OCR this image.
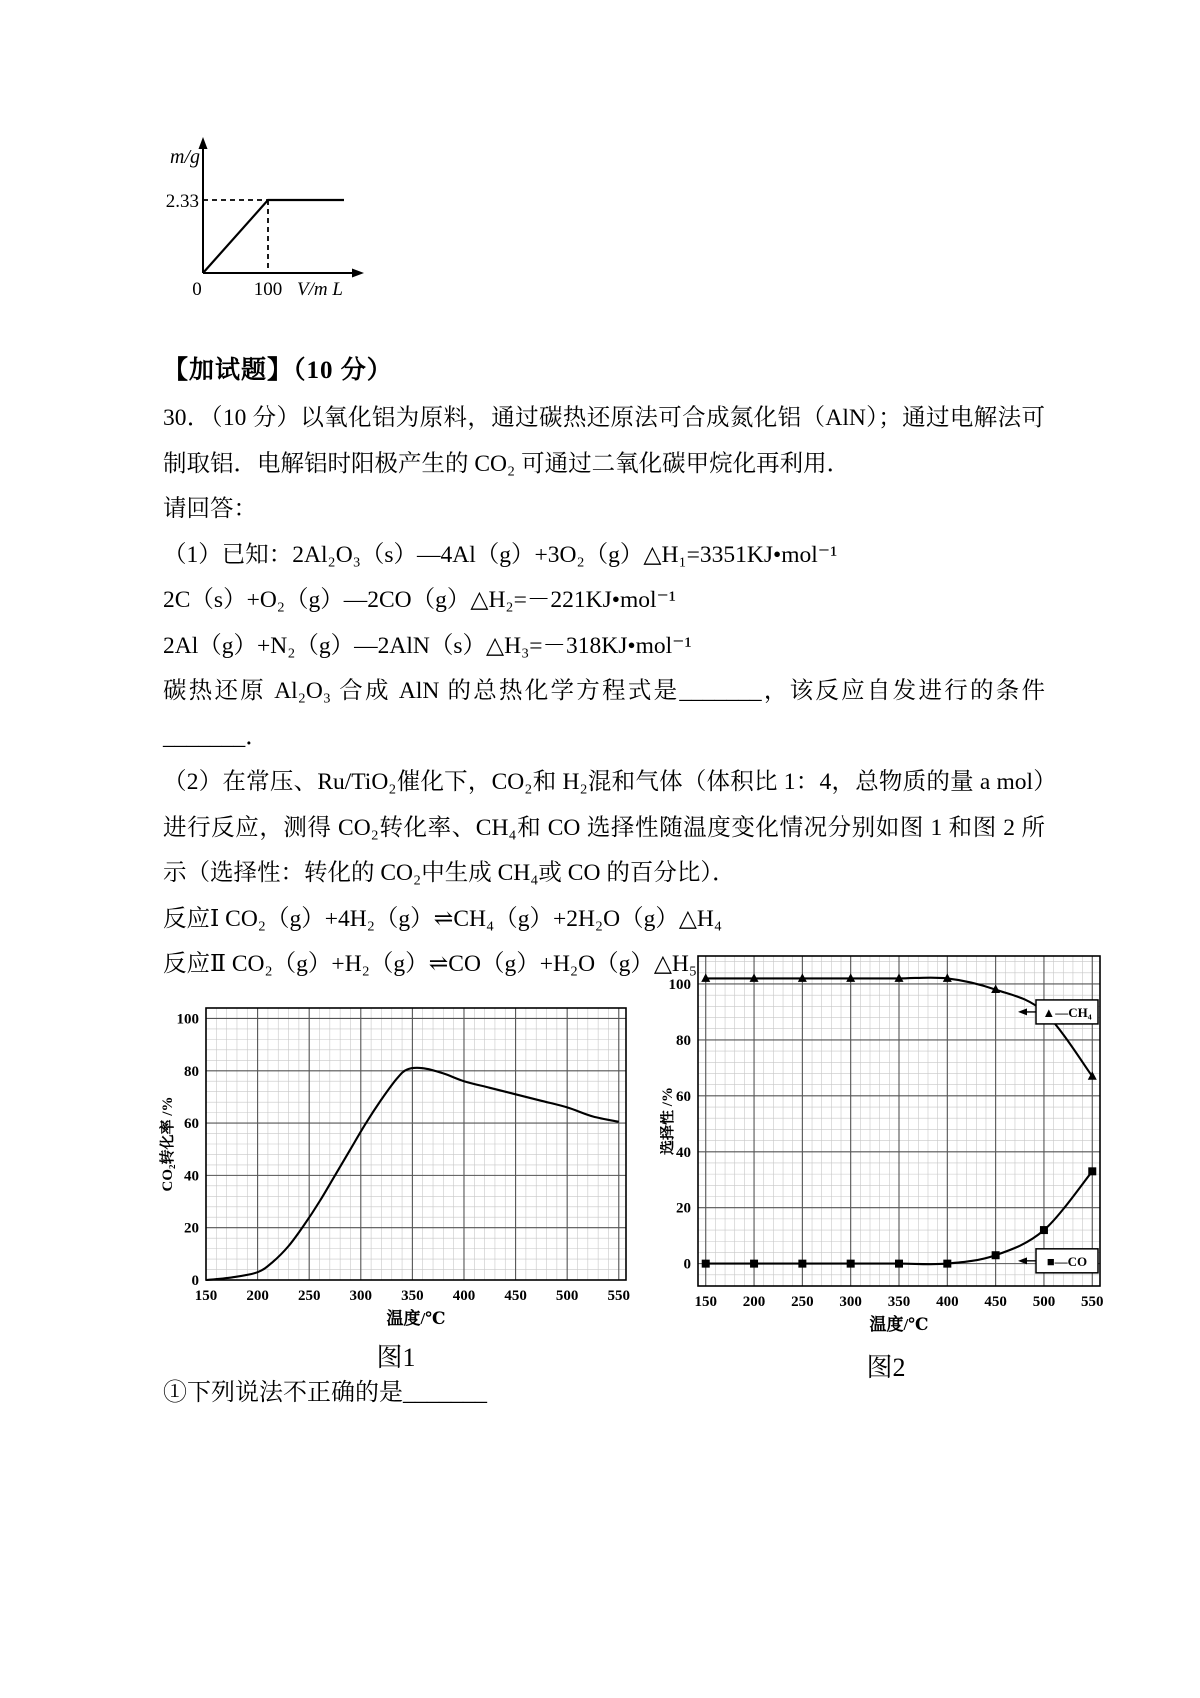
m/g
2.33
0	100 V/m L
【加试题】（10 分）

30．（10 分）以氧化铝为原料，通过碳热还原法可合成氮化铝（AlN）；通过电解法可制取铝．电解铝时阳极产生的 CO₂ 可通过二氧化碳甲烷化再利用．

请回答：

（1）已知：2Al₂O₃（s）—4Al（g）+3O₂（g）△H₁=3351KJ•mol⁻¹

2C（s）+O₂（g）—2CO（g）△H₂=－221KJ•mol⁻¹

2Al（g）+N₂（g）—2AlN（s）△H₃=－318KJ•mol⁻¹

碳热还原 Al₂O₃ 合成 AlN 的总热化学方程式是_______，该反应自发进行的条件_______．

（2）在常压、Ru/TiO₂催化下，CO₂和 H₂混和气体（体积比 1：4，总物质的量 a mol）进行反应，测得 CO₂转化率、CH₄和 CO 选择性随温度变化情况分别如图 1 和图 2 所示（选择性：转化的 CO₂中生成 CH₄或 CO 的百分比）．

反应Ⅰ CO₂（g）+4H₂（g）⇌CH₄（g）+2H₂O（g）△H₄

反应Ⅱ CO₂（g）+H₂（g）⇌CO（g）+H₂O（g）△H₅

150 200 250 300 350 400 450 500 550
0
20
40
60
80
100
温度/℃
CO₂转化率 /%
图1
150 200 250 300 350 400 450 500 550
0
20
40
60
80
100
温度/℃
选择性 /%
▲—CH₄
■—CO
图2

①下列说法不正确的是_______
